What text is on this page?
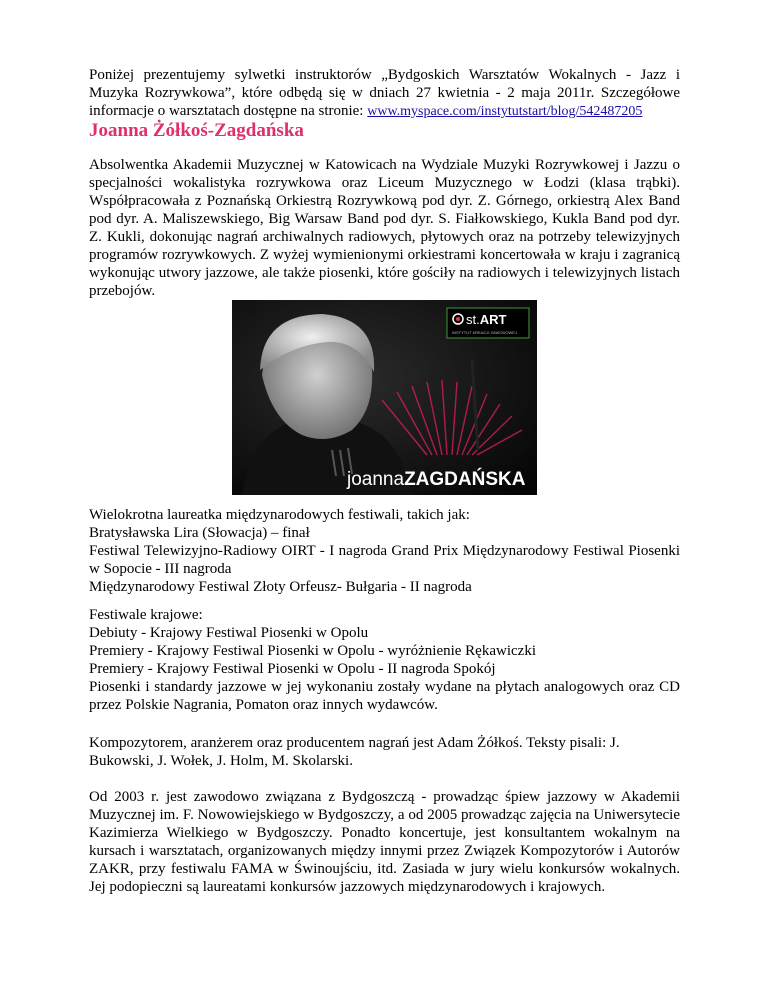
Poniżej prezentujemy sylwetki instruktorów „Bydgoskich Warsztatów Wokalnych - Jazz i Muzyka Rozrywkowa”, które odbędą się w dniach 27 kwietnia - 2 maja 2011r. Szczegółowe informacje o warsztatach dostępne na stronie: www.myspace.com/instytutstart/blog/542487205

Joanna Żółkoś-Zagdańska

Absolwentka Akademii Muzycznej w Katowicach na Wydziale Muzyki Rozrywkowej i Jazzu o specjalności wokalistyka rozrywkowa oraz Liceum Muzycznego w Łodzi (klasa trąbki). Współpracowała z Poznańską Orkiestrą Rozrywkową pod dyr. Z. Górnego, orkiestrą Alex Band pod dyr. A. Maliszewskiego, Big Warsaw Band pod dyr. S. Fiałkowskiego, Kukla Band pod dyr. Z. Kukli, dokonując nagrań archiwalnych radiowych, płytowych oraz na potrzeby telewizyjnych programów rozrywkowych. Z wyżej wymienionymi orkiestrami koncertowała w kraju i zagranicą wykonując utwory jazzowe, ale także piosenki, które gościły na radiowych i telewizyjnych listach przebojów.

st.ART
INSTYTUT KREACJI ZAWODOWEJ
joannaZAGDAŃSKA

Wielokrotna laureatka międzynarodowych festiwali, takich jak:

Bratysławska Lira (Słowacja) – finał

Festiwal Telewizyjno-Radiowy OIRT - I nagroda Grand Prix Międzynarodowy Festiwal Piosenki w Sopocie - III nagroda

Międzynarodowy Festiwal Złoty Orfeusz- Bułgaria - II nagroda

Festiwale krajowe:

Debiuty - Krajowy Festiwal Piosenki w Opolu

Premiery - Krajowy Festiwal Piosenki w Opolu - wyróżnienie Rękawiczki

Premiery - Krajowy Festiwal Piosenki w Opolu - II nagroda Spokój

Piosenki i standardy jazzowe w jej wykonaniu zostały wydane na płytach analogowych oraz CD przez Polskie Nagrania, Pomaton oraz innych wydawców.

Kompozytorem, aranżerem oraz producentem nagrań jest Adam Żółkoś. Teksty pisali: J. Bukowski, J. Wołek, J. Holm, M. Skolarski.

Od 2003 r. jest zawodowo związana z Bydgoszczą - prowadząc śpiew jazzowy w Akademii Muzycznej im. F. Nowowiejskiego w Bydgoszczy, a od 2005 prowadząc zajęcia na Uniwersytecie Kazimierza Wielkiego w Bydgoszczy. Ponadto koncertuje, jest konsultantem wokalnym na kursach i warsztatach, organizowanych między innymi przez Związek Kompozytorów i Autorów ZAKR, przy festiwalu FAMA w Świnoujściu, itd. Zasiada w jury wielu konkursów wokalnych. Jej podopieczni są laureatami konkursów jazzowych międzynarodowych i krajowych.
